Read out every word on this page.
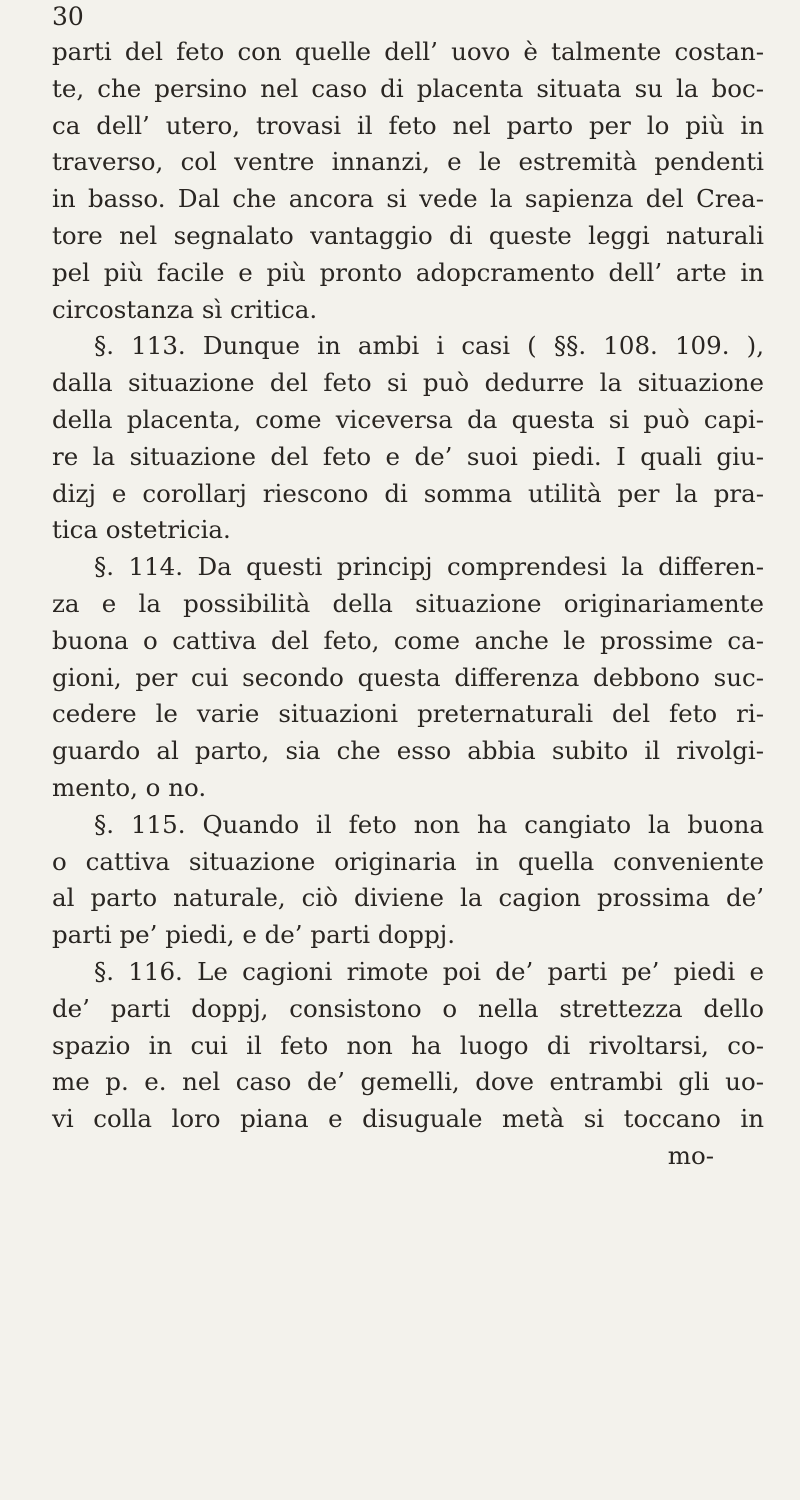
30
parti del feto con quelle dell’ uovo è talmente costan-
te, che persino nel caso di placenta situata su la boc-
ca dell’ utero, trovasi il feto nel parto per lo più in
traverso, col ventre innanzi, e le estremità pendenti
in basso. Dal che ancora si vede la sapienza del Crea-
tore nel segnalato vantaggio di queste leggi naturali
pel più facile e più pronto adopcramento dell’ arte in
circostanza sì critica.
§. 113. Dunque in ambi i casi ( §§. 108. 109. ),
dalla situazione del feto si può dedurre la situazione
della placenta, come viceversa da questa si può capi-
re la situazione del feto e de’ suoi piedi. I quali giu-
dizj e corollarj riescono di somma utilità per la pra-
tica ostetricia.
§. 114. Da questi principj comprendesi la differen-
za e la possibilità della situazione originariamente
buona o cattiva del feto, come anche le prossime ca-
gioni, per cui secondo questa differenza debbono suc-
cedere le varie situazioni preternaturali del feto ri-
guardo al parto, sia che esso abbia subito il rivolgi-
mento, o no.
§. 115. Quando il feto non ha cangiato la buona
o cattiva situazione originaria in quella conveniente
al parto naturale, ciò diviene la cagion prossima de’
parti pe’ piedi, e de’ parti doppj.
§. 116. Le cagioni rimote poi de’ parti pe’ piedi e
de’ parti doppj, consistono o nella strettezza dello
spazio in cui il feto non ha luogo di rivoltarsi, co-
me p. e. nel caso de’ gemelli, dove entrambi gli uo-
vi colla loro piana e disuguale metà si toccano in
mo-
